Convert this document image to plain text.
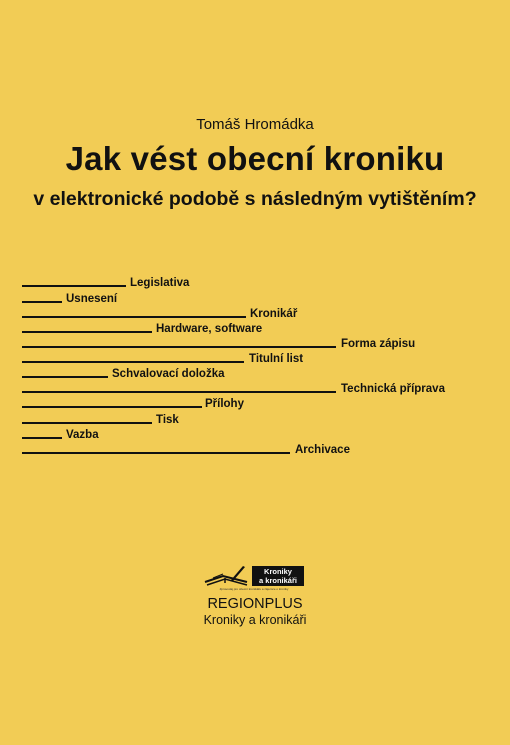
Tomáš Hromádka
Jak vést obecní kroniku
v elektronické podobě s následným vytištěním?
Legislativa
Usnesení
Kronikář
Hardware, software
Forma zápisu
Titulní list
Schvalovací doložka
Technická příprava
Přílohy
Tisk
Vazba
Archivace
Kroniky
a kronikáři
Zpravodaj pro obecní kronikáře a zájemce o kroniky
REGIONPLUS
Kroniky a kronikáři
